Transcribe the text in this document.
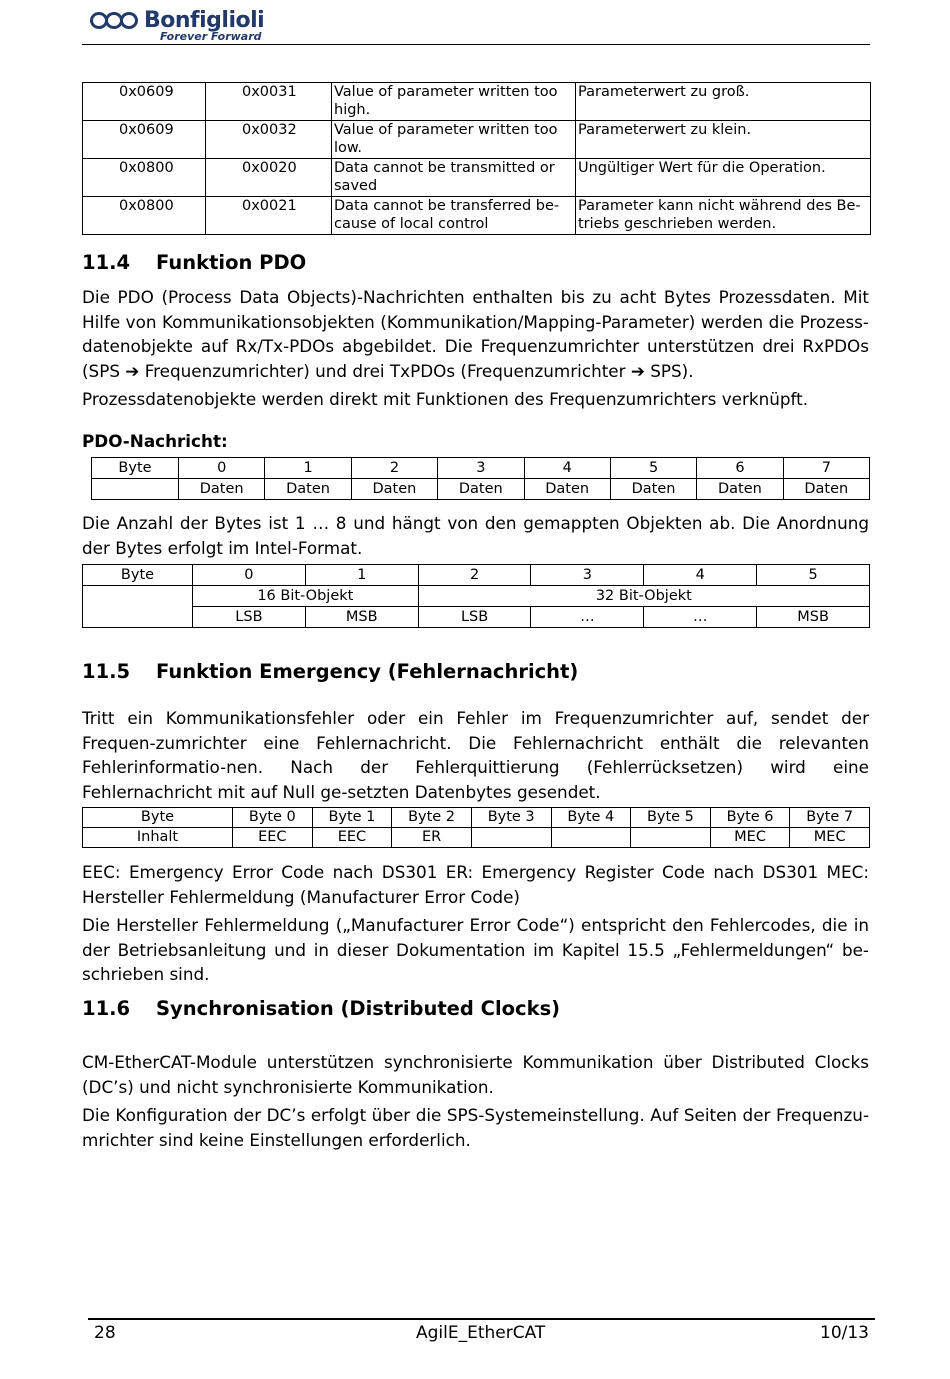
Bonfiglioli
Forever Forward
0x0609	0x0031	Value of parameter written too high.	Parameterwert zu groß.
0x0609	0x0032	Value of parameter written too low.	Parameterwert zu klein.
0x0800	0x0020	Data cannot be transmitted or saved	Ungültiger Wert für die Operation.
0x0800	0x0021	Data cannot be transferred be-cause of local control	Parameter kann nicht während des Be-triebs geschrieben werden.
11.4 Funktion PDO

Die PDO (Process Data Objects)-Nachrichten enthalten bis zu acht Bytes Prozessdaten. Mit Hilfe von Kommunikationsobjekten (Kommunikation/Mapping-Parameter) werden die Prozess-datenobjekte auf Rx/Tx-PDOs abgebildet. Die Frequenzumrichter unterstützen drei RxPDOs (SPS ➔ Frequenzumrichter) und drei TxPDOs (Frequenzumrichter ➔ SPS).

Prozessdatenobjekte werden direkt mit Funktionen des Frequenzumrichters verknüpft.

PDO-Nachricht:

Byte	0	1	2	3	4	5	6	7
	Daten	Daten	Daten	Daten	Daten	Daten	Daten	Daten

Die Anzahl der Bytes ist 1 … 8 und hängt von den gemappten Objekten ab. Die Anordnung der Bytes erfolgt im Intel-Format.

Byte	0	1	2	3	4	5
	16 Bit-Objekt		32 Bit-Objekt			
	LSB	MSB	LSB	…	…	MSB
11.5 Funktion Emergency (Fehlernachricht)

Tritt ein Kommunikationsfehler oder ein Fehler im Frequenzumrichter auf, sendet der Frequen-zumrichter eine Fehlernachricht. Die Fehlernachricht enthält die relevanten Fehlerinformatio-nen. Nach der Fehlerquittierung (Fehlerrücksetzen) wird eine Fehlernachricht mit auf Null ge-setzten Datenbytes gesendet.

Byte	Byte 0	Byte 1	Byte 2	Byte 3	Byte 4	Byte 5	Byte 6	Byte 7
Inhalt	EEC	EEC	ER				MEC	MEC

EEC: Emergency Error Code nach DS301 ER: Emergency Register Code nach DS301 MEC: Hersteller Fehlermeldung (Manufacturer Error Code)

Die Hersteller Fehlermeldung („Manufacturer Error Code“) entspricht den Fehlercodes, die in der Betriebsanleitung und in dieser Dokumentation im Kapitel 15.5 „Fehlermeldungen“ be-schrieben sind.

11.6 Synchronisation (Distributed Clocks)

CM-EtherCAT-Module unterstützen synchronisierte Kommunikation über Distributed Clocks (DC’s) und nicht synchronisierte Kommunikation.

Die Konfiguration der DC’s erfolgt über die SPS-Systemeinstellung. Auf Seiten der Frequenzu-mrichter sind keine Einstellungen erforderlich.

28	AgilE_EtherCAT	10/13
